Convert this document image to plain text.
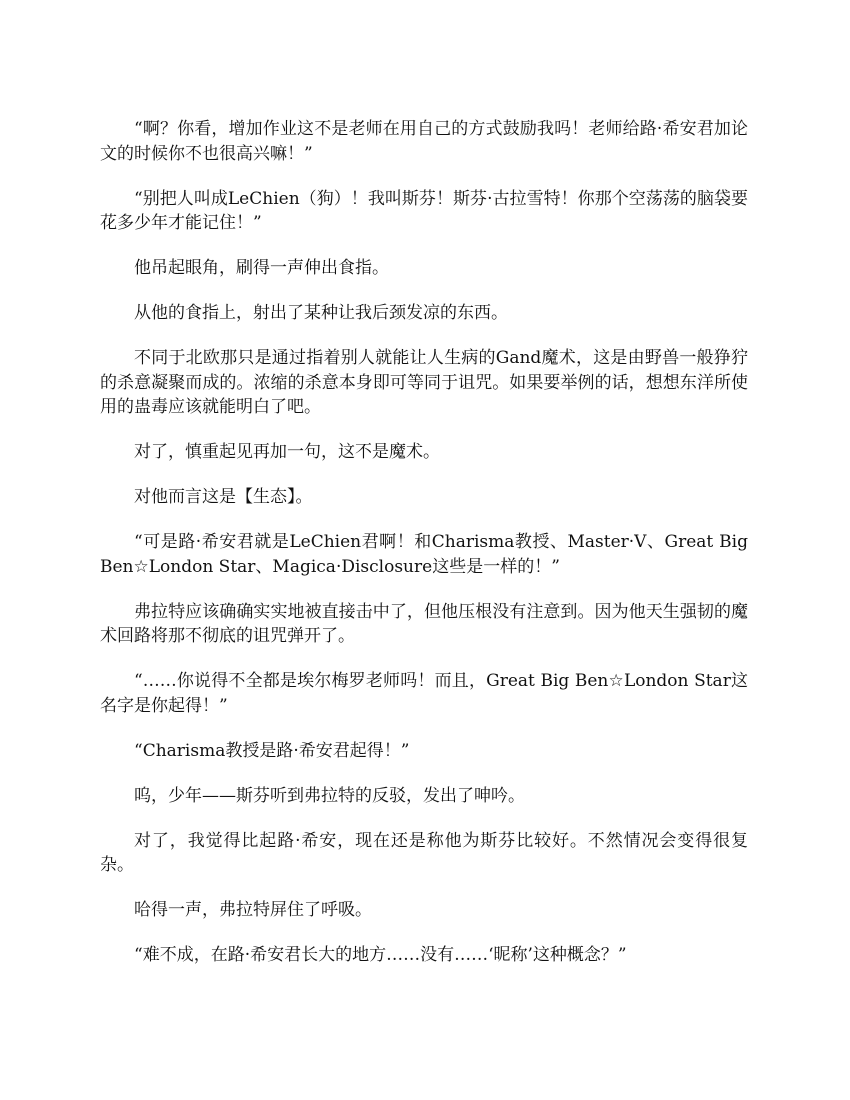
“啊？你看，增加作业这不是老师在用自己的方式鼓励我吗！老师给路·希安君加论文的时候你不也很高兴嘛！”

“别把人叫成LeChien（狗）！我叫斯芬！斯芬·古拉雪特！你那个空荡荡的脑袋要花多少年才能记住！”

他吊起眼角，刷得一声伸出食指。

从他的食指上，射出了某种让我后颈发凉的东西。

不同于北欧那只是通过指着别人就能让人生病的Gand魔术，这是由野兽一般狰狞的杀意凝聚而成的。浓缩的杀意本身即可等同于诅咒。如果要举例的话，想想东洋所使用的蛊毒应该就能明白了吧。

对了，慎重起见再加一句，这不是魔术。

对他而言这是【生态】。

“可是路·希安君就是LeChien君啊！和Charisma教授、Master·V、Great Big Ben☆London Star、Magica·Disclosure这些是一样的！”

弗拉特应该确确实实地被直接击中了，但他压根没有注意到。因为他天生强韧的魔术回路将那不彻底的诅咒弹开了。

“……你说得不全都是埃尔梅罗老师吗！而且，Great Big Ben☆London Star这名字是你起得！”

“Charisma教授是路·希安君起得！”

呜，少年——斯芬听到弗拉特的反驳，发出了呻吟。

对了，我觉得比起路·希安，现在还是称他为斯芬比较好。不然情况会变得很复杂。

哈得一声，弗拉特屏住了呼吸。

“难不成，在路·希安君长大的地方……没有……‘昵称’这种概念？”
